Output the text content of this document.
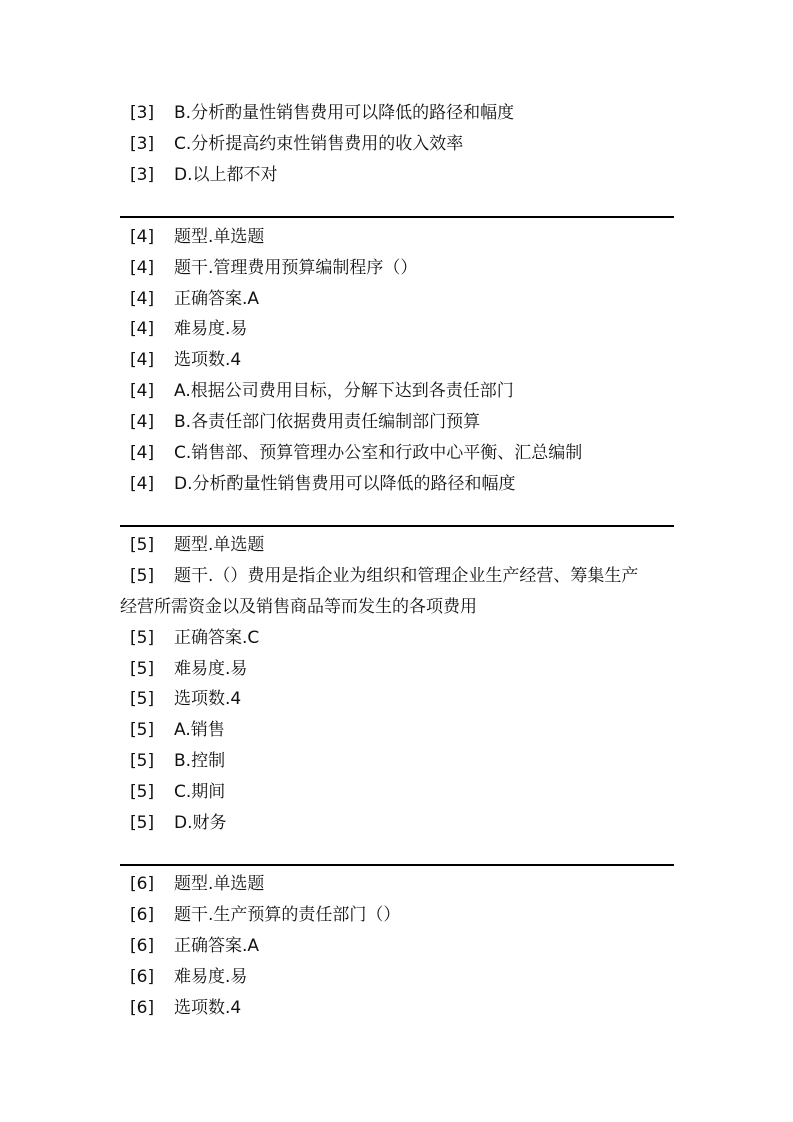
[3] B.分析酌量性销售费用可以降低的路径和幅度
[3] C.分析提高约束性销售费用的收入效率
[3] D.以上都不对
[4] 题型.单选题
[4] 题干.管理费用预算编制程序（）
[4] 正确答案.A
[4] 难易度.易
[4] 选项数.4
[4] A.根据公司费用目标，分解下达到各责任部门
[4] B.各责任部门依据费用责任编制部门预算
[4] C.销售部、预算管理办公室和行政中心平衡、汇总编制
[4] D.分析酌量性销售费用可以降低的路径和幅度
[5] 题型.单选题
[5] 题干.（）费用是指企业为组织和管理企业生产经营、筹集生产
经营所需资金以及销售商品等而发生的各项费用
[5] 正确答案.C
[5] 难易度.易
[5] 选项数.4
[5] A.销售
[5] B.控制
[5] C.期间
[5] D.财务
[6] 题型.单选题
[6] 题干.生产预算的责任部门（）
[6] 正确答案.A
[6] 难易度.易
[6] 选项数.4
